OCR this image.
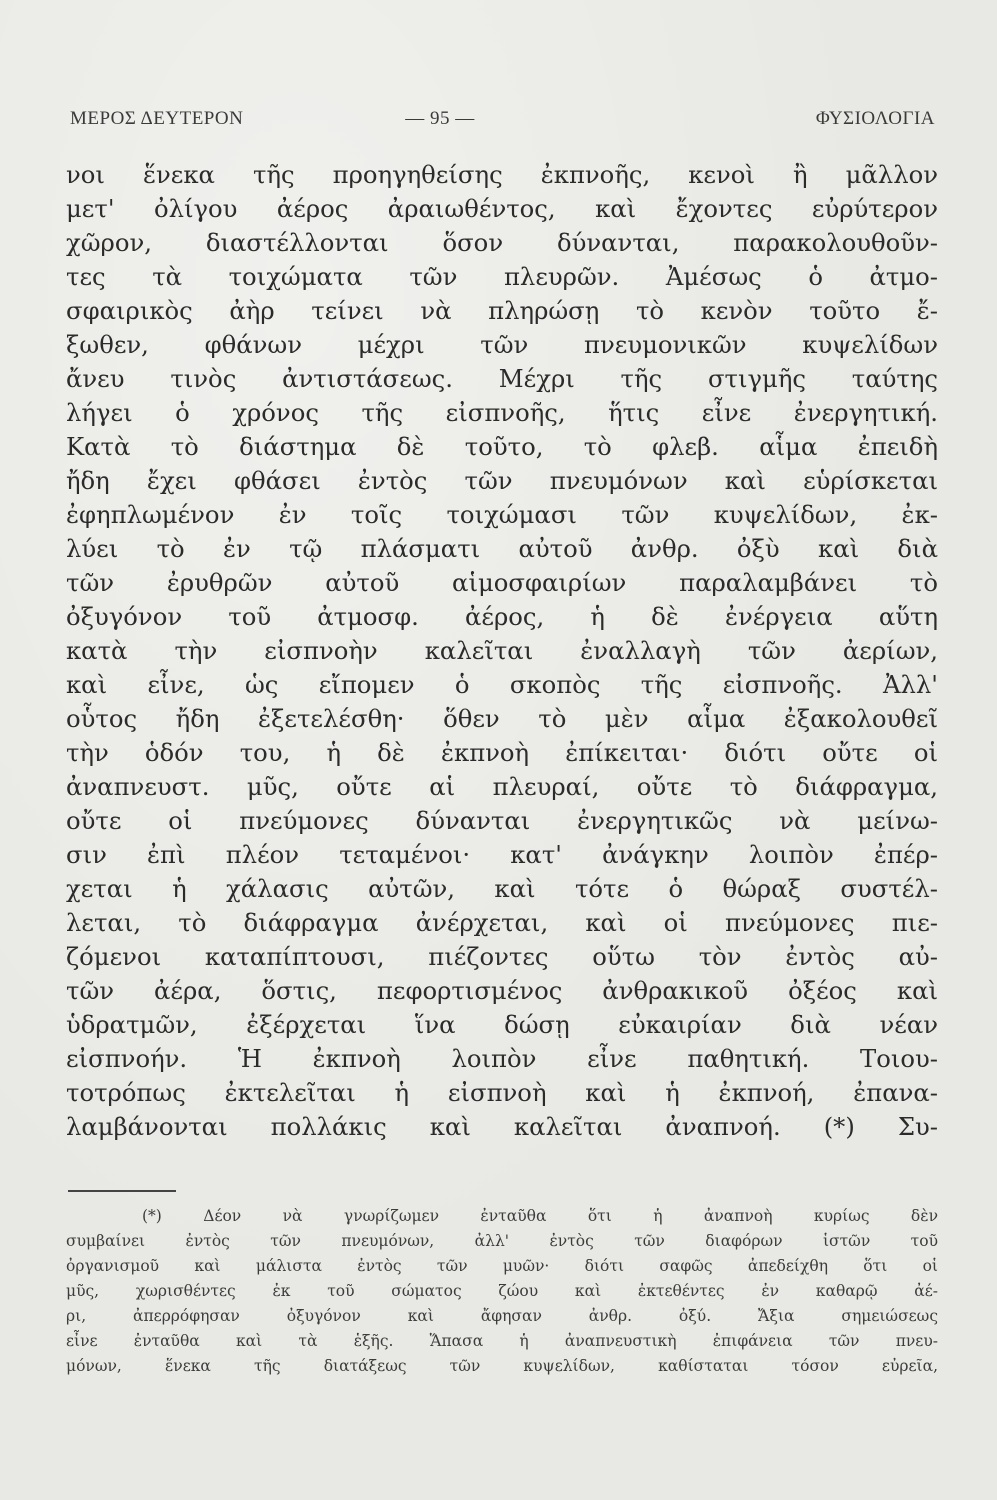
ΜΕΡΟΣ ΔΕΥΤΕΡΟΝ	— 95 —	ΦΥΣΙΟΛΟΓΙΑ
νοι ἕνεκα τῆς προηγηθείσης ἐκπνοῆς, κενοὶ ἢ μᾶλλον
μετ' ὀλίγου ἀέρος ἀραιωθέντος, καὶ ἔχοντες εὐρύτερον
χῶρον, διαστέλλονται ὅσον δύνανται, παρακολουθοῦν-
τες τὰ τοιχώματα τῶν πλευρῶν. Ἀμέσως ὁ ἀτμο-
σφαιρικὸς ἀὴρ τείνει νὰ πληρώσῃ τὸ κενὸν τοῦτο ἔ-
ξωθεν, φθάνων μέχρι τῶν πνευμονικῶν κυψελίδων
ἄνευ τινὸς ἀντιστάσεως. Μέχρι τῆς στιγμῆς ταύτης
λήγει ὁ χρόνος τῆς εἰσπνοῆς, ἥτις εἶνε ἐνεργητική.
Κατὰ τὸ διάστημα δὲ τοῦτο, τὸ φλεβ. αἷμα ἐπειδὴ
ἤδη ἔχει φθάσει ἐντὸς τῶν πνευμόνων καὶ εὑρίσκεται
ἐφηπλωμένον ἐν τοῖς τοιχώμασι τῶν κυψελίδων, ἐκ-
λύει τὸ ἐν τῷ πλάσματι αὐτοῦ ἀνθρ. ὀξὺ καὶ διὰ
τῶν ἐρυθρῶν αὐτοῦ αἱμοσφαιρίων παραλαμβάνει τὸ
ὀξυγόνον τοῦ ἀτμοσφ. ἀέρος, ἡ δὲ ἐνέργεια αὕτη
κατὰ τὴν εἰσπνοὴν καλεῖται ἐναλλαγὴ τῶν ἀερίων,
καὶ εἶνε, ὡς εἴπομεν ὁ σκοπὸς τῆς εἰσπνοῆς. Ἀλλ'
οὗτος ἤδη ἐξετελέσθη· ὅθεν τὸ μὲν αἷμα ἐξακολουθεῖ
τὴν ὁδόν του, ἡ δὲ ἐκπνοὴ ἐπίκειται· διότι οὔτε οἱ
ἀναπνευστ. μῦς, οὔτε αἱ πλευραί, οὔτε τὸ διάφραγμα,
οὔτε οἱ πνεύμονες δύνανται ἐνεργητικῶς νὰ μείνω-
σιν ἐπὶ πλέον τεταμένοι· κατ' ἀνάγκην λοιπὸν ἐπέρ-
χεται ἡ χάλασις αὐτῶν, καὶ τότε ὁ θώραξ συστέλ-
λεται, τὸ διάφραγμα ἀνέρχεται, καὶ οἱ πνεύμονες πιε-
ζόμενοι καταπίπτουσι, πιέζοντες οὕτω τὸν ἐντὸς αὐ-
τῶν ἀέρα, ὅστις, πεφορτισμένος ἀνθρακικοῦ ὀξέος καὶ
ὑδρατμῶν, ἐξέρχεται ἵνα δώσῃ εὐκαιρίαν διὰ νέαν
εἰσπνοήν. Ἡ ἐκπνοὴ λοιπὸν εἶνε παθητική. Τοιου-
τοτρόπως ἐκτελεῖται ἡ εἰσπνοὴ καὶ ἡ ἐκπνοή, ἐπανα-
λαμβάνονται πολλάκις καὶ καλεῖται ἀναπνοή. (*) Συ-
(*) Δέον νὰ γνωρίζωμεν ἐνταῦθα ὅτι ἡ ἀναπνοὴ κυρίως δὲν
συμβαίνει ἐντὸς τῶν πνευμόνων, ἀλλ' ἐντὸς τῶν διαφόρων ἱστῶν τοῦ
ὀργανισμοῦ καὶ μάλιστα ἐντὸς τῶν μυῶν· διότι σαφῶς ἀπεδείχθη ὅτι οἱ
μῦς, χωρισθέντες ἐκ τοῦ σώματος ζώου καὶ ἐκτεθέντες ἐν καθαρῷ ἀέ-
ρι, ἀπερρόφησαν ὀξυγόνον καὶ ἄφησαν ἀνθρ. ὀξύ. Ἄξια σημειώσεως
εἶνε ἐνταῦθα καὶ τὰ ἑξῆς. Ἅπασα ἡ ἀναπνευστικὴ ἐπιφάνεια τῶν πνευ-
μόνων, ἕνεκα τῆς διατάξεως τῶν κυψελίδων, καθίσταται τόσον εὐρεῖα,
